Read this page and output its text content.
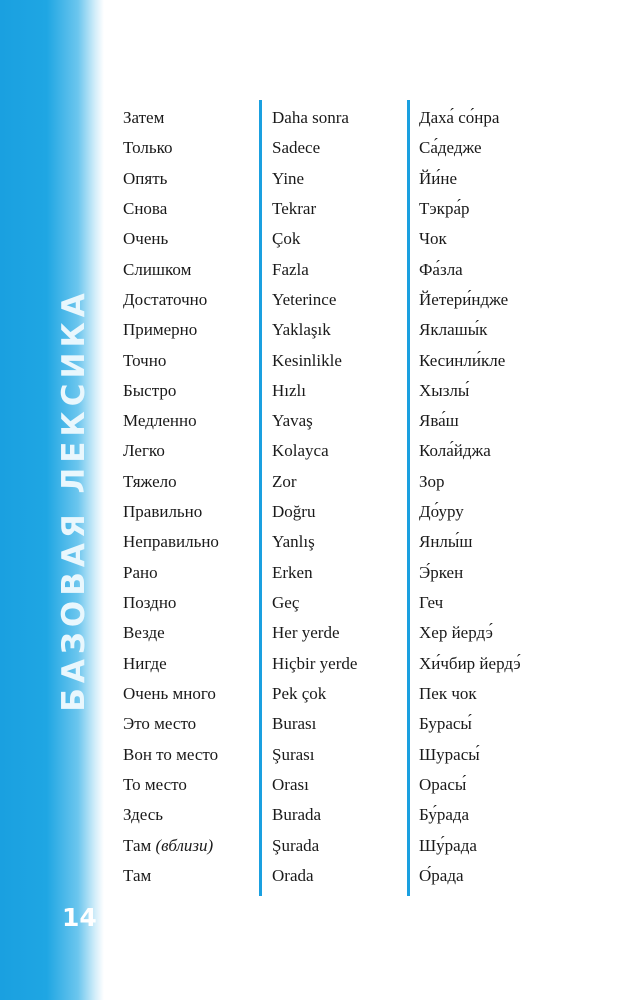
БАЗОВАЯ ЛЕКСИКА
14
Затем
Только
Опять
Снова
Очень
Слишком
Достаточно
Примерно
Точно
Быстро
Медленно
Легко
Тяжело
Правильно
Неправильно
Рано
Поздно
Везде
Нигде
Очень много
Это место
Вон то место
То место
Здесь
Там (вблизи)
Там
Daha sonra
Sadece
Yine
Tekrar
Çok
Fazla
Yeterince
Yaklaşık
Kesinlikle
Hızlı
Yavaş
Kolayca
Zor
Doğru
Yanlış
Erken
Geç
Her yerde
Hiçbir yerde
Pek çok
Burası
Şurası
Orası
Burada
Şurada
Orada
Даха́ со́нра
Са́дедже
Йи́не
Тэкра́р
Чок
Фа́зла
Йетери́ндже
Яклашы́к
Кесинли́кле
Хызлы́
Ява́ш
Кола́йджа
Зор
До́уру
Янлы́ш
Э́ркен
Геч
Хер йердэ́
Хи́чбир йердэ́
Пек чок
Бурасы́
Шурасы́
Орасы́
Бу́рада
Шу́рада
О́рада
